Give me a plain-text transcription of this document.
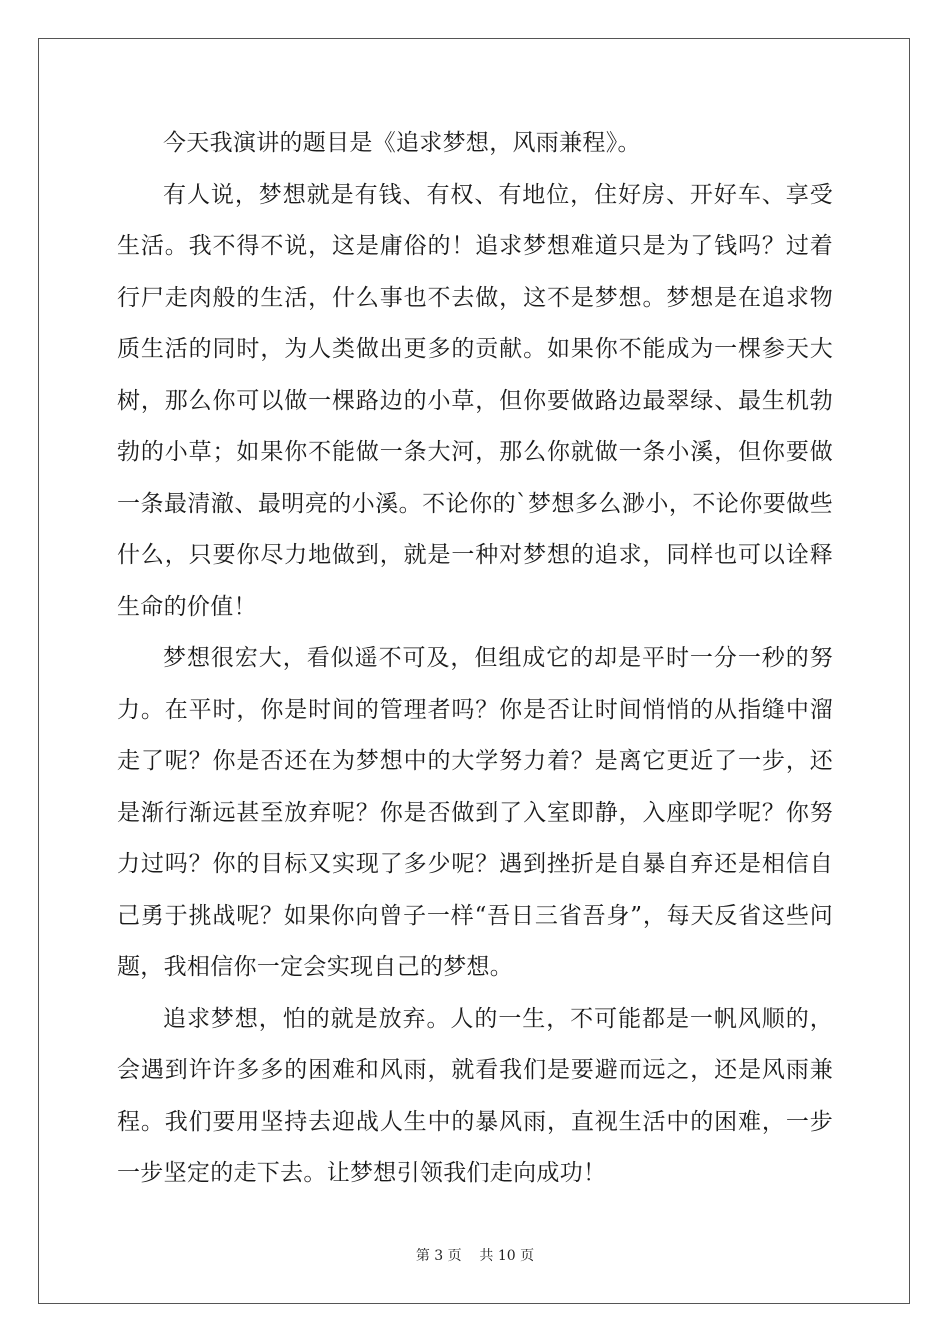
今天我演讲的题目是《追求梦想，风雨兼程》。

有人说，梦想就是有钱、有权、有地位，住好房、开好车、享受生活。我不得不说，这是庸俗的！追求梦想难道只是为了钱吗？过着行尸走肉般的生活，什么事也不去做，这不是梦想。梦想是在追求物质生活的同时，为人类做出更多的贡献。如果你不能成为一棵参天大树，那么你可以做一棵路边的小草，但你要做路边最翠绿、最生机勃勃的小草；如果你不能做一条大河，那么你就做一条小溪，但你要做一条最清澈、最明亮的小溪。不论你的`梦想多么渺小，不论你要做些什么，只要你尽力地做到，就是一种对梦想的追求，同样也可以诠释生命的价值！

梦想很宏大，看似遥不可及，但组成它的却是平时一分一秒的努力。在平时，你是时间的管理者吗？你是否让时间悄悄的从指缝中溜走了呢？你是否还在为梦想中的大学努力着？是离它更近了一步，还是渐行渐远甚至放弃呢？你是否做到了入室即静，入座即学呢？你努力过吗？你的目标又实现了多少呢？遇到挫折是自暴自弃还是相信自己勇于挑战呢？如果你向曾子一样“吾日三省吾身”，每天反省这些问题，我相信你一定会实现自己的梦想。

追求梦想，怕的就是放弃。人的一生，不可能都是一帆风顺的，会遇到许许多多的困难和风雨，就看我们是要避而远之，还是风雨兼程。我们要用坚持去迎战人生中的暴风雨，直视生活中的困难，一步一步坚定的走下去。让梦想引领我们走向成功！

第 3 页    共 10 页
